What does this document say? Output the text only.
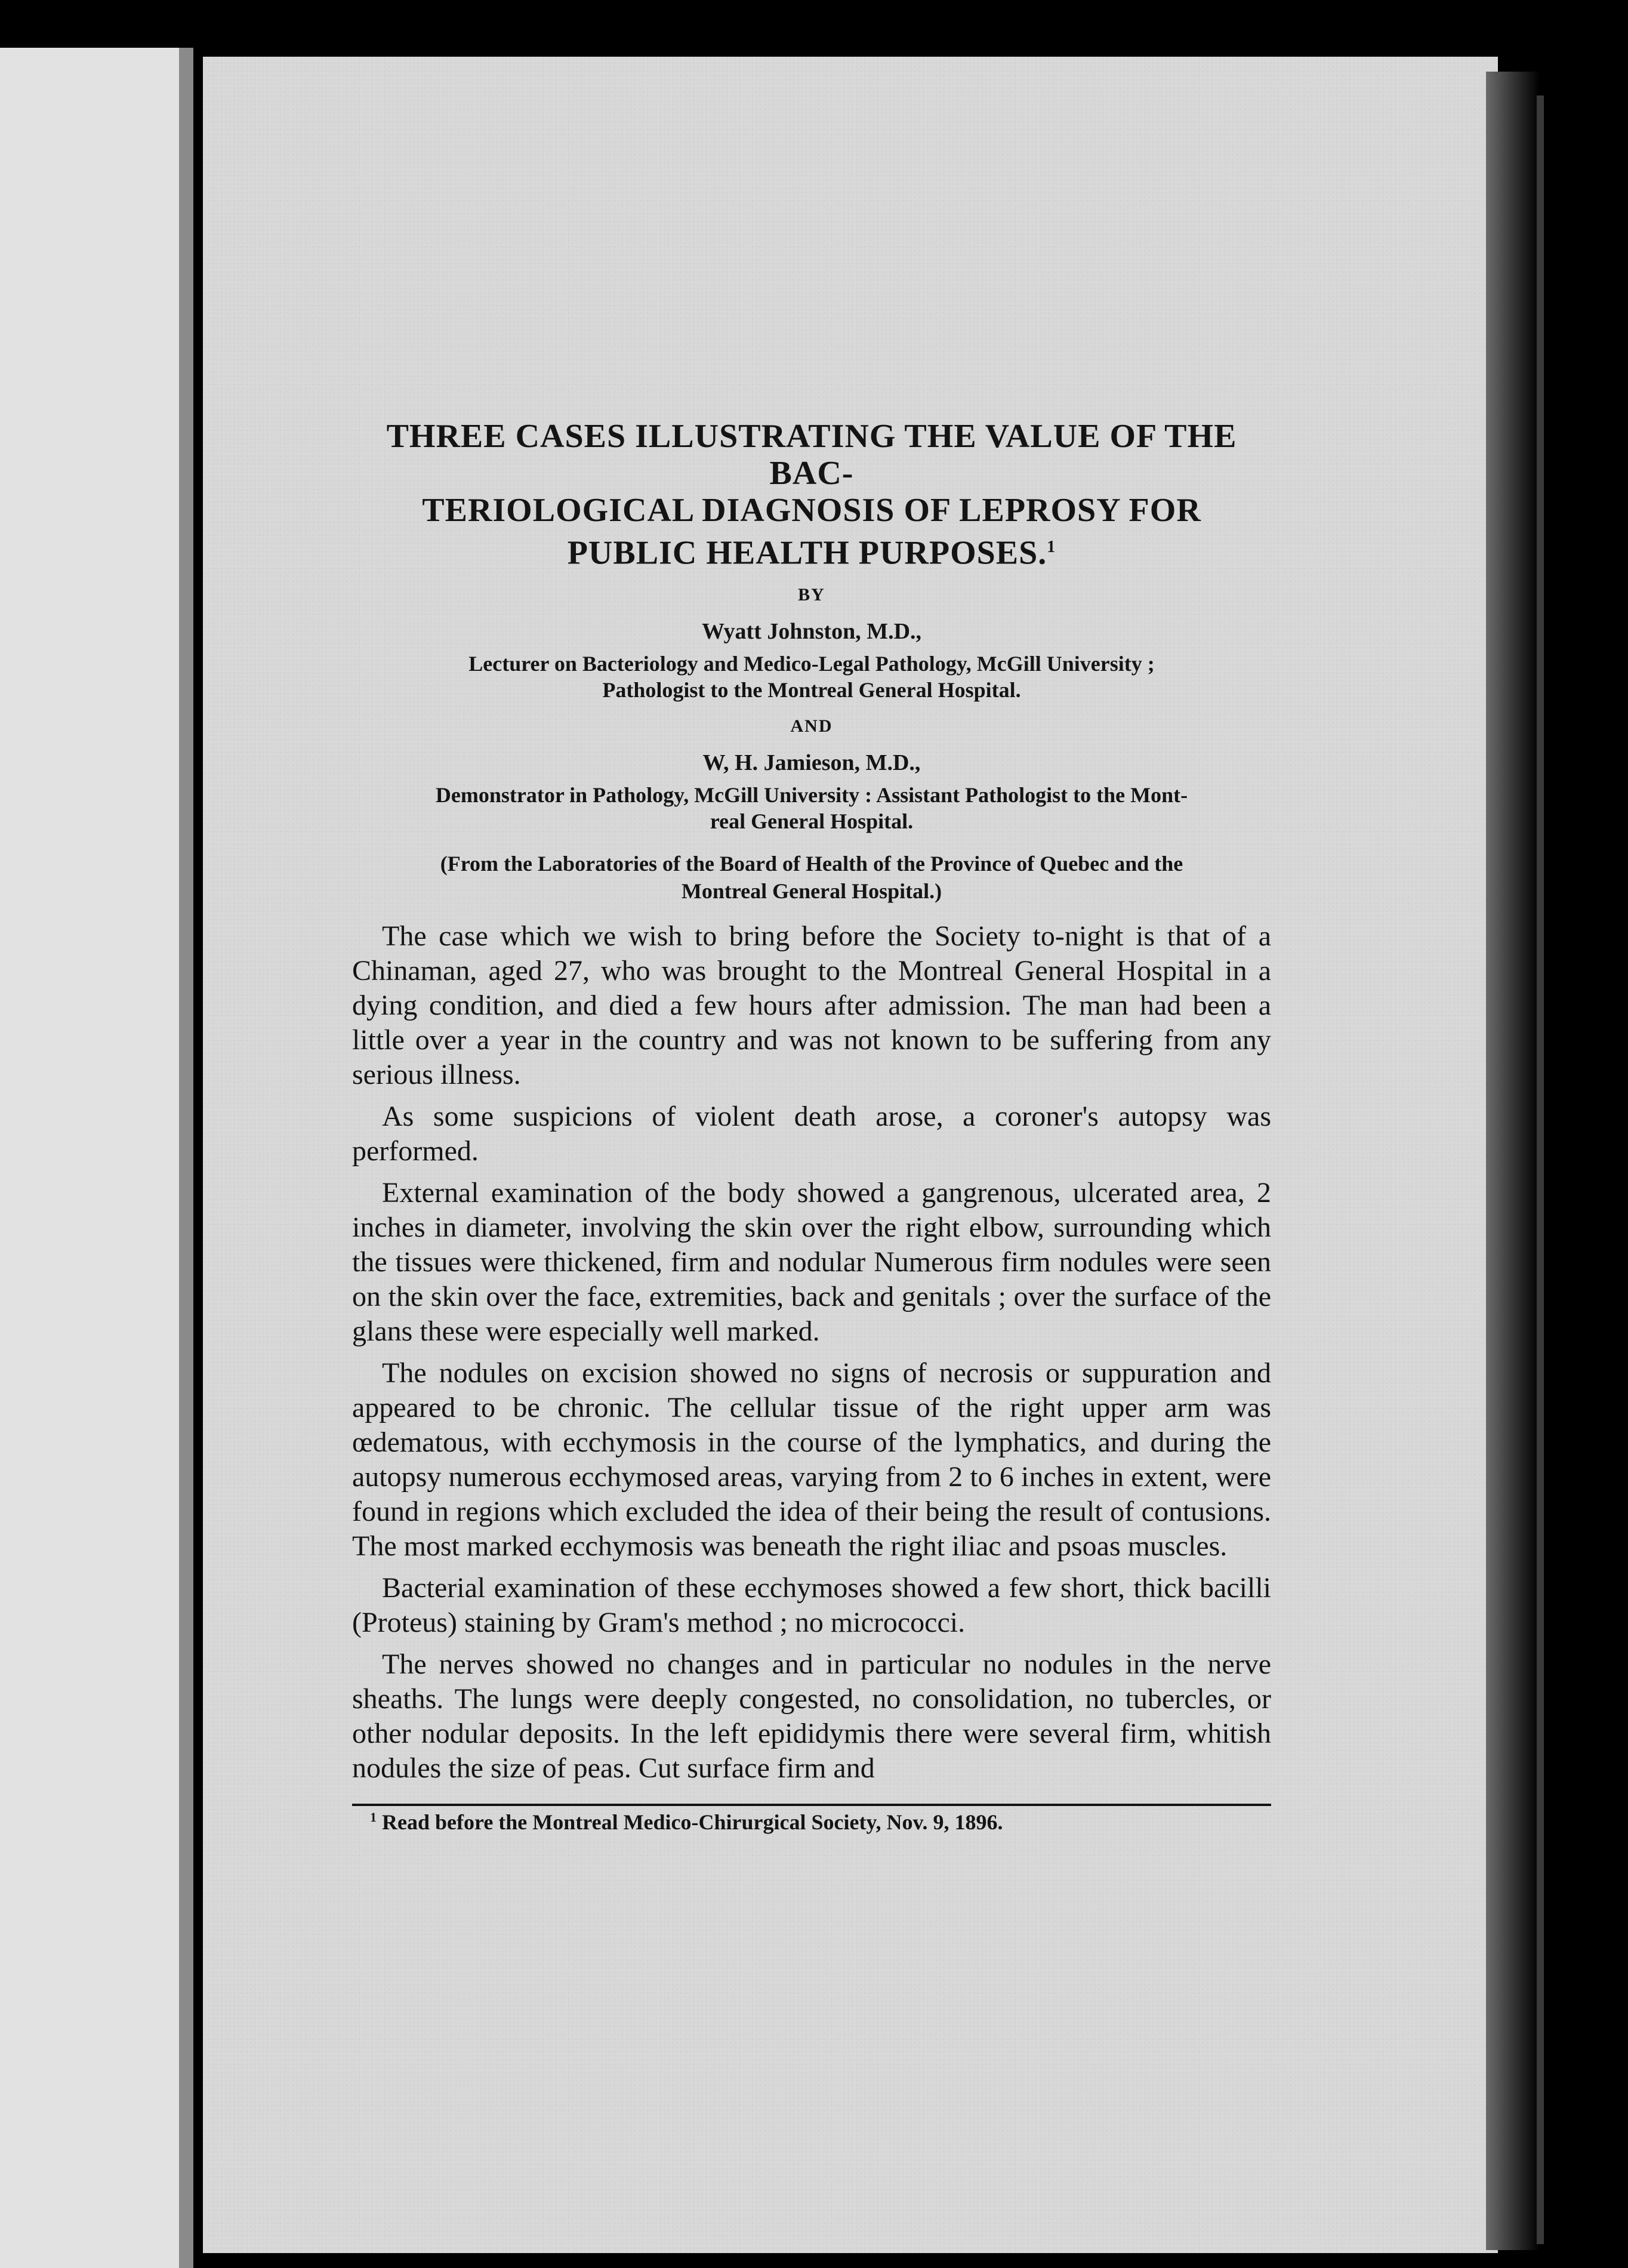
THREE CASES ILLUSTRATING THE VALUE OF THE BAC-
TERIOLOGICAL DIAGNOSIS OF LEPROSY FOR
PUBLIC HEALTH PURPOSES.$^1$
BY
Wyatt Johnston, M.D.,
Lecturer on Bacteriology and Medico-Legal Pathology, McGill University ;
Pathologist to the Montreal General Hospital.
AND
W, H. Jamieson, M.D.,
Demonstrator in Pathology, McGill University : Assistant Pathologist to the Mont-
real General Hospital.
(From the Laboratories of the Board of Health of the Province of Quebec and the
Montreal General Hospital.)

The case which we wish to bring before the Society to-night is that of a Chinaman, aged 27, who was brought to the Montreal General Hospital in a dying condition, and died a few hours after admission. The man had been a little over a year in the country and was not known to be suffering from any serious illness.

As some suspicions of violent death arose, a coroner's autopsy was performed.

External examination of the body showed a gangrenous, ulcerated area, 2 inches in diameter, involving the skin over the right elbow, surrounding which the tissues were thickened, firm and nodular Numerous firm nodules were seen on the skin over the face, extremities, back and genitals ; over the surface of the glans these were especially well marked.

The nodules on excision showed no signs of necrosis or suppuration and appeared to be chronic. The cellular tissue of the right upper arm was œdematous, with ecchymosis in the course of the lymphatics, and during the autopsy numerous ecchymosed areas, varying from 2 to 6 inches in extent, were found in regions which excluded the idea of their being the result of contusions. The most marked ecchymosis was beneath the right iliac and psoas muscles.

Bacterial examination of these ecchymoses showed a few short, thick bacilli (Proteus) staining by Gram's method ; no micrococci.

The nerves showed no changes and in particular no nodules in the nerve sheaths. The lungs were deeply congested, no consolidation, no tubercles, or other nodular deposits. In the left epididymis there were several firm, whitish nodules the size of peas. Cut surface firm and

$^1$ Read before the Montreal Medico-Chirurgical Society, Nov. 9, 1896.
